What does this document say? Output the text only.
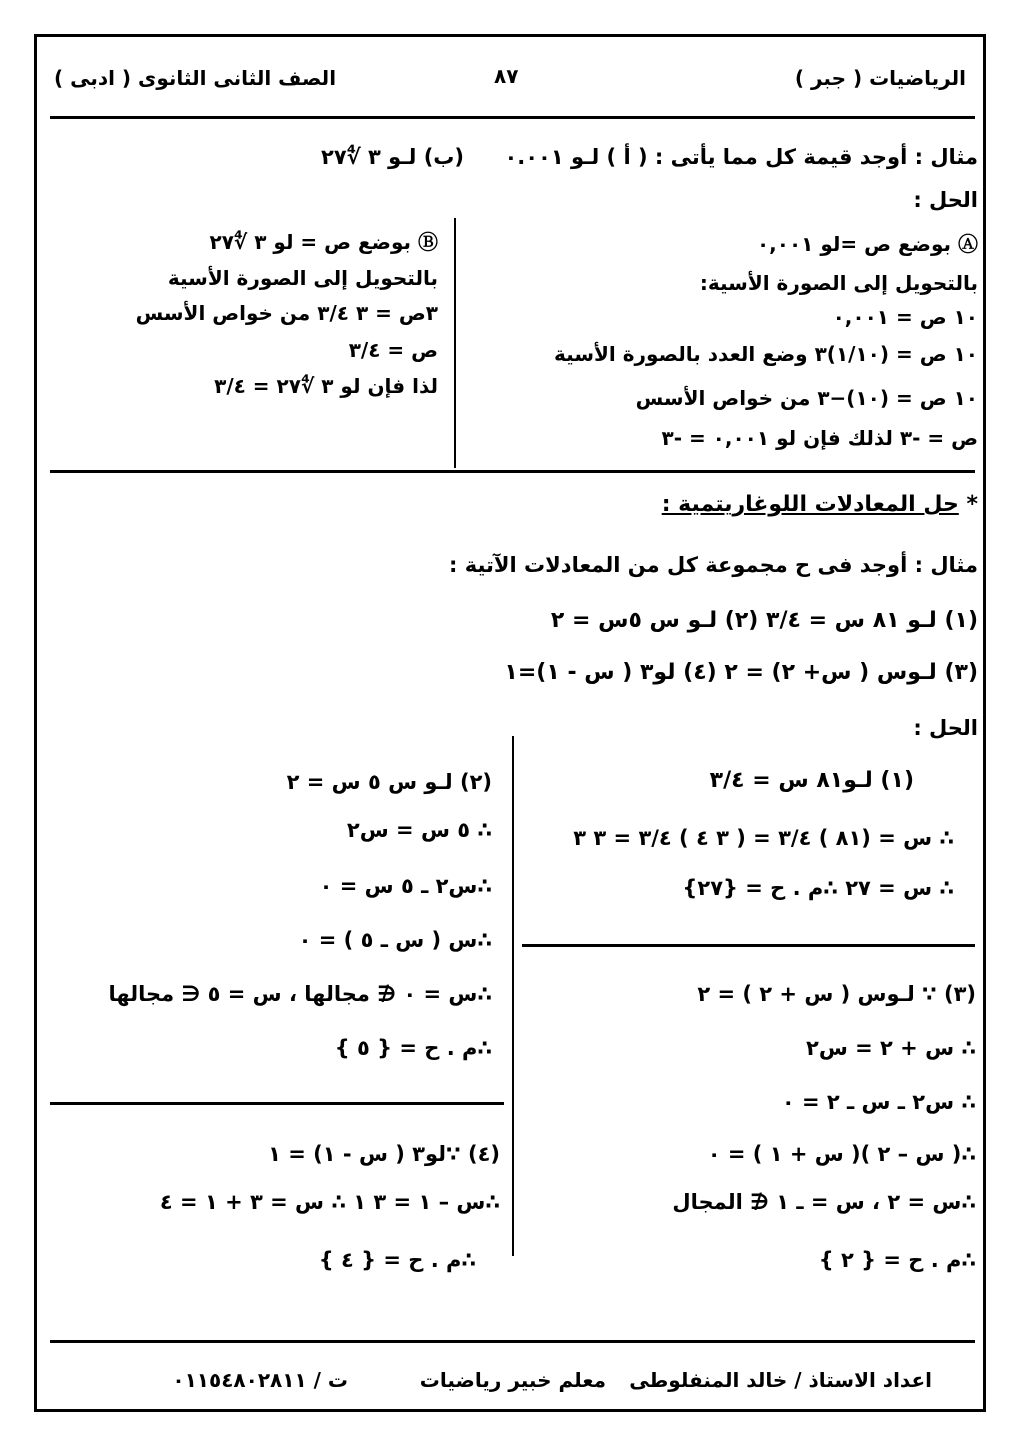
الرياضيات ( جبر )
٨٧
الصف الثانى الثانوى ( ادبى )
مثال : أوجد قيمة كل مما يأتى : ( أ ) لـو ٠.٠٠١
(ب) لـو ٣ ∜٢٧
الحل :
Ⓐ بوضع ص =لو ٠,٠٠١
بالتحويل إلى الصورة الأسية:
١٠ ص = ٠,٠٠١
١٠ ص = (١/١٠)٣ وضع العدد بالصورة الأسية
١٠ ص = (١٠)−٣ من خواص الأسس
ص = -٣ لذلك فإن لو ٠,٠٠١ = -٣
Ⓑ بوضع ص = لو ٣ ∜٢٧
بالتحويل إلى الصورة الأسية
٣ص = ٣ ٣/٤ من خواص الأسس
ص = ٣/٤
لذا فإن لو ٣ ∜٢٧ = ٣/٤
* حل المعادلات اللوغاريتمية :
مثال : أوجد فى ح مجموعة كل من المعادلات الآتية :
(١) لـو ٨١ س = ٣/٤ (٢) لـو س ٥س = ٢
(٣) لـوس ( س+ ٢) = ٢ (٤) لو٣ ( س - ١)=١
الحل :
(١) لـو٨١ س = ٣/٤
∴ س = (٨١ ) ٣/٤ = ( ٣ ٤ ) ٣/٤ = ٣ ٣
∴ س = ٢٧ ∴م . ح = {٢٧}
(٢) لـو س ٥ س = ٢
∴ ٥ س = س٢
∴س٢ ـ ٥ س = ٠
∴س ( س ـ ٥ ) = ٠
∴س = ٠ ∉ مجالها ، س = ٥ ∈ مجالها
∴م . ح = { ٥ }
(٣) ∵ لـوس ( س + ٢ ) = ٢
∴ س + ٢ = س٢
∴ س٢ ـ س ـ ٢ = ٠
∴( س – ٢ )( س + ١ ) = ٠
∴س = ٢ ، س = ـ ١ ∉ المجال
∴م . ح = { ٢ }
(٤) ∵لو٣ ( س - ١) = ١
∴س – ١ = ٣ ١ ∴ س = ٣ + ١ = ٤
∴م . ح = { ٤ }
اعداد الاستاذ / خالد المنفلوطى
معلم خبير رياضيات
ت / ٠١١٥٤٨٠٢٨١١
